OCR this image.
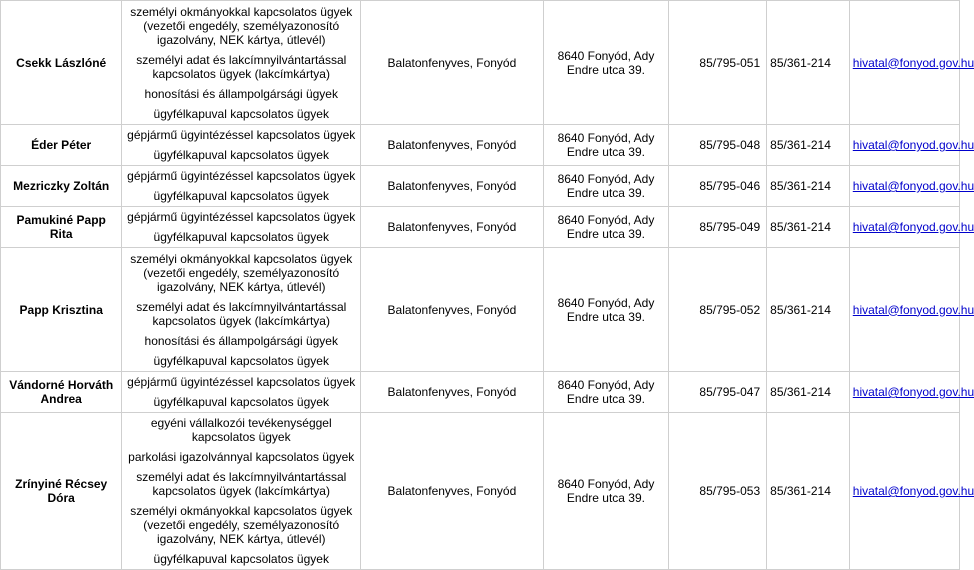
Csekk Lászlóné	személyi okmányokkal kapcsolatos ügyek (vezetői engedély, személyazonosító igazolvány, NEK kártya, útlevél)
személyi adat és lakcímnyilvántartással kapcsolatos ügyek (lakcímkártya)
honosítási és állampolgársági ügyek
ügyfélkapuval kapcsolatos ügyek	Balatonfenyves, Fonyód	8640 Fonyód, Ady Endre utca 39.	85/795-051	85/361-214	hivatal@fonyod.gov.hu
Éder Péter	gépjármű ügyintézéssel kapcsolatos ügyek
ügyfélkapuval kapcsolatos ügyek	Balatonfenyves, Fonyód	8640 Fonyód, Ady Endre utca 39.	85/795-048	85/361-214	hivatal@fonyod.gov.hu
Mezriczky Zoltán	gépjármű ügyintézéssel kapcsolatos ügyek
ügyfélkapuval kapcsolatos ügyek	Balatonfenyves, Fonyód	8640 Fonyód, Ady Endre utca 39.	85/795-046	85/361-214	hivatal@fonyod.gov.hu
Pamukiné Papp Rita	gépjármű ügyintézéssel kapcsolatos ügyek
ügyfélkapuval kapcsolatos ügyek	Balatonfenyves, Fonyód	8640 Fonyód, Ady Endre utca 39.	85/795-049	85/361-214	hivatal@fonyod.gov.hu
Papp Krisztina	személyi okmányokkal kapcsolatos ügyek (vezetői engedély, személyazonosító igazolvány, NEK kártya, útlevél)
személyi adat és lakcímnyilvántartással kapcsolatos ügyek (lakcímkártya)
honosítási és állampolgársági ügyek
ügyfélkapuval kapcsolatos ügyek	Balatonfenyves, Fonyód	8640 Fonyód, Ady Endre utca 39.	85/795-052	85/361-214	hivatal@fonyod.gov.hu
Vándorné Horváth Andrea	gépjármű ügyintézéssel kapcsolatos ügyek
ügyfélkapuval kapcsolatos ügyek	Balatonfenyves, Fonyód	8640 Fonyód, Ady Endre utca 39.	85/795-047	85/361-214	hivatal@fonyod.gov.hu
Zrínyiné Récsey Dóra	egyéni vállalkozói tevékenységgel kapcsolatos ügyek
parkolási igazolvánnyal kapcsolatos ügyek
személyi adat és lakcímnyilvántartással kapcsolatos ügyek (lakcímkártya)
személyi okmányokkal kapcsolatos ügyek (vezetői engedély, személyazonosító igazolvány, NEK kártya, útlevél)
ügyfélkapuval kapcsolatos ügyek	Balatonfenyves, Fonyód	8640 Fonyód, Ady Endre utca 39.	85/795-053	85/361-214	hivatal@fonyod.gov.hu
